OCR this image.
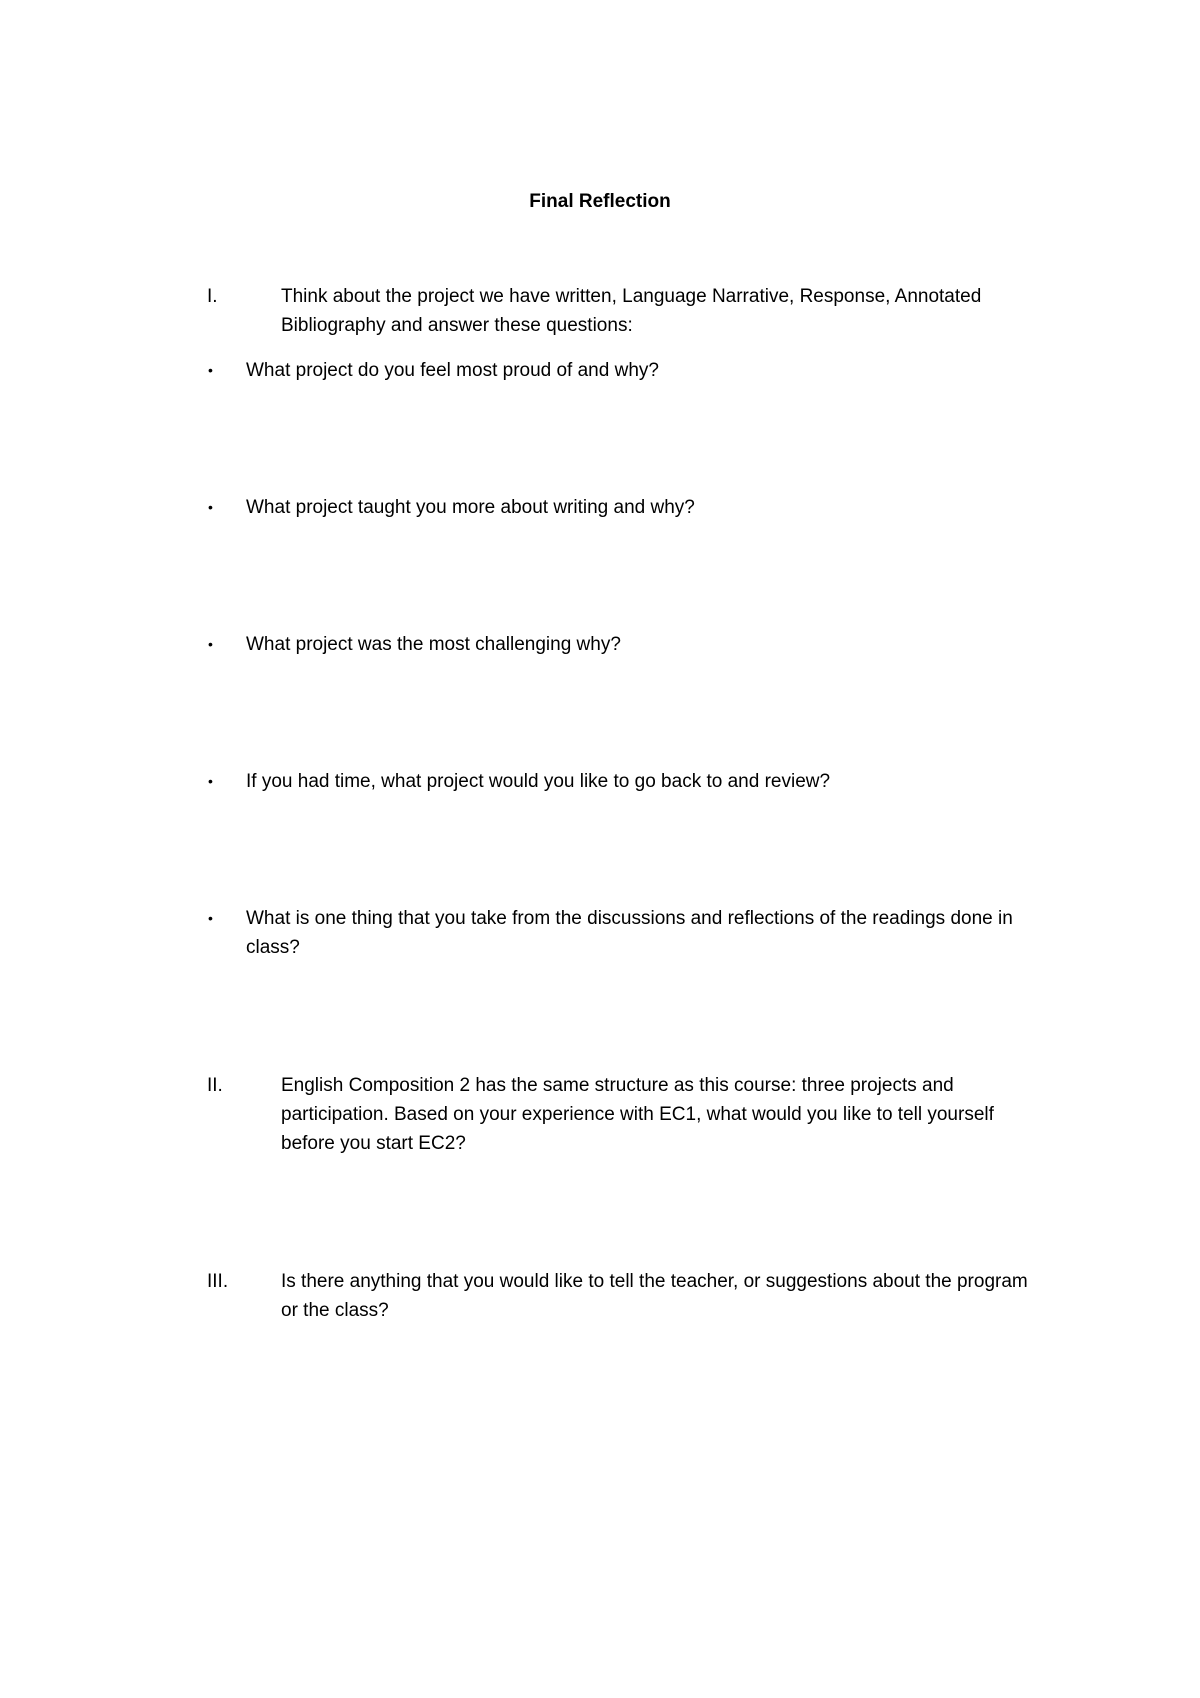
Final Reflection
I.	Think about the project we have written, Language Narrative, Response, Annotated Bibliography and answer these questions:
• What project do you feel most proud of and why?
• What project taught you more about writing and why?
• What project was the most challenging why?
• If you had time, what project would you like to go back to and review?
• What is one thing that you take from the discussions and reflections of the readings done in class?
II.	English Composition 2 has the same structure as this course: three projects and participation. Based on your experience with EC1, what would you like to tell yourself before you start EC2?
III.	Is there anything that you would like to tell the teacher, or suggestions about the program or the class?
